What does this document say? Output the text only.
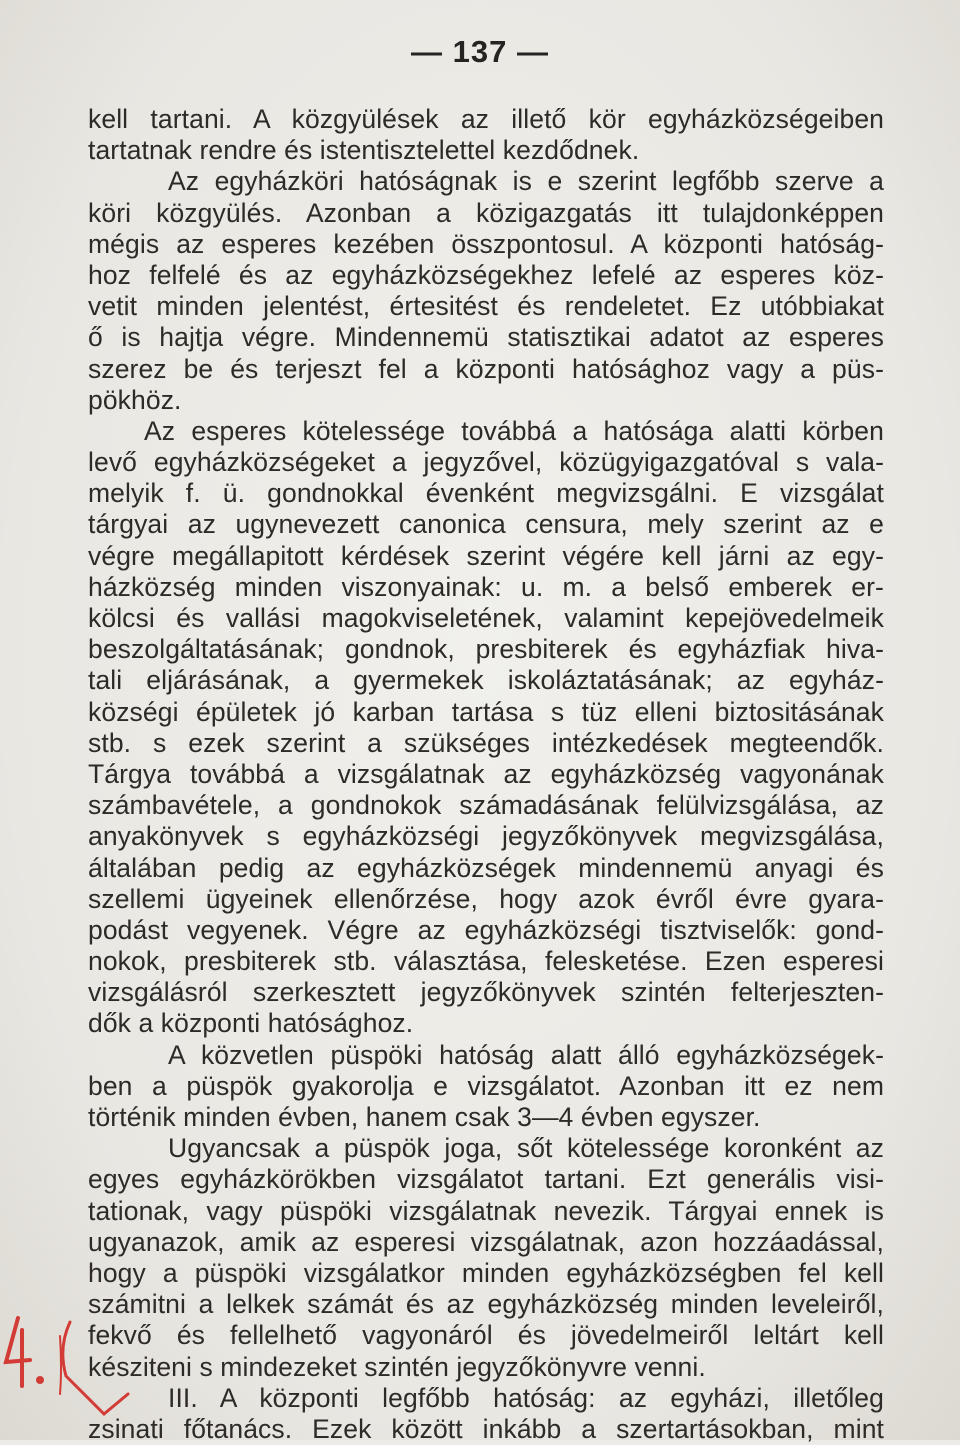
— 137 —
kell tartani. A közgyülések az illető kör egyházközségeiben
tartatnak rendre és istentisztelettel kezdődnek.
Az egyházköri hatóságnak is e szerint legfőbb szerve a
köri közgyülés. Azonban a közigazgatás itt tulajdonképpen
mégis az esperes kezében összpontosul. A központi hatóság-
hoz felfelé és az egyházközségekhez lefelé az esperes köz-
vetit minden jelentést, értesitést és rendeletet. Ez utóbbiakat
ő is hajtja végre. Mindennemü statisztikai adatot az esperes
szerez be és terjeszt fel a központi hatósághoz vagy a püs-
pökhöz.
Az esperes kötelessége továbbá a hatósága alatti körben
levő egyházközségeket a jegyzővel, közügyigazgatóval s vala-
melyik f. ü. gondnokkal évenként megvizsgálni. E vizsgálat
tárgyai az ugynevezett canonica censura, mely szerint az e
végre megállapitott kérdések szerint végére kell járni az egy-
házközség minden viszonyainak: u. m. a belső emberek er-
kölcsi és vallási magokviseletének, valamint kepejövedelmeik
beszolgáltatásának; gondnok, presbiterek és egyházfiak hiva-
tali eljárásának, a gyermekek iskoláztatásának; az egyház-
községi épületek jó karban tartása s tüz elleni biztositásának
stb. s ezek szerint a szükséges intézkedések megteendők.
Tárgya továbbá a vizsgálatnak az egyházközség vagyonának
számbavétele, a gondnokok számadásának felülvizsgálása, az
anyakönyvek s egyházközségi jegyzőkönyvek megvizsgálása,
általában pedig az egyházközségek mindennemü anyagi és
szellemi ügyeinek ellenőrzése, hogy azok évről évre gyara-
podást vegyenek. Végre az egyházközségi tisztviselők: gond-
nokok, presbiterek stb. választása, felesketése. Ezen esperesi
vizsgálásról szerkesztett jegyzőkönyvek szintén felterjeszten-
dők a központi hatósághoz.
A közvetlen püspöki hatóság alatt álló egyházközségek-
ben a püspök gyakorolja e vizsgálatot. Azonban itt ez nem
történik minden évben, hanem csak 3—4 évben egyszer.
Ugyancsak a püspök joga, sőt kötelessége koronként az
egyes egyházkörökben vizsgálatot tartani. Ezt generális visi-
tationak, vagy püspöki vizsgálatnak nevezik. Tárgyai ennek is
ugyanazok, amik az esperesi vizsgálatnak, azon hozzáadással,
hogy a püspöki vizsgálatkor minden egyházközségben fel kell
számitni a lelkek számát és az egyházközség minden leveleiről,
fekvő és fellelhető vagyonáról és jövedelmeiről leltárt kell
késziteni s mindezeket szintén jegyzőkönyvre venni.
III. A központi legfőbb hatóság: az egyházi, illetőleg
zsinati főtanács. Ezek között inkább a szertartásokban, mint
